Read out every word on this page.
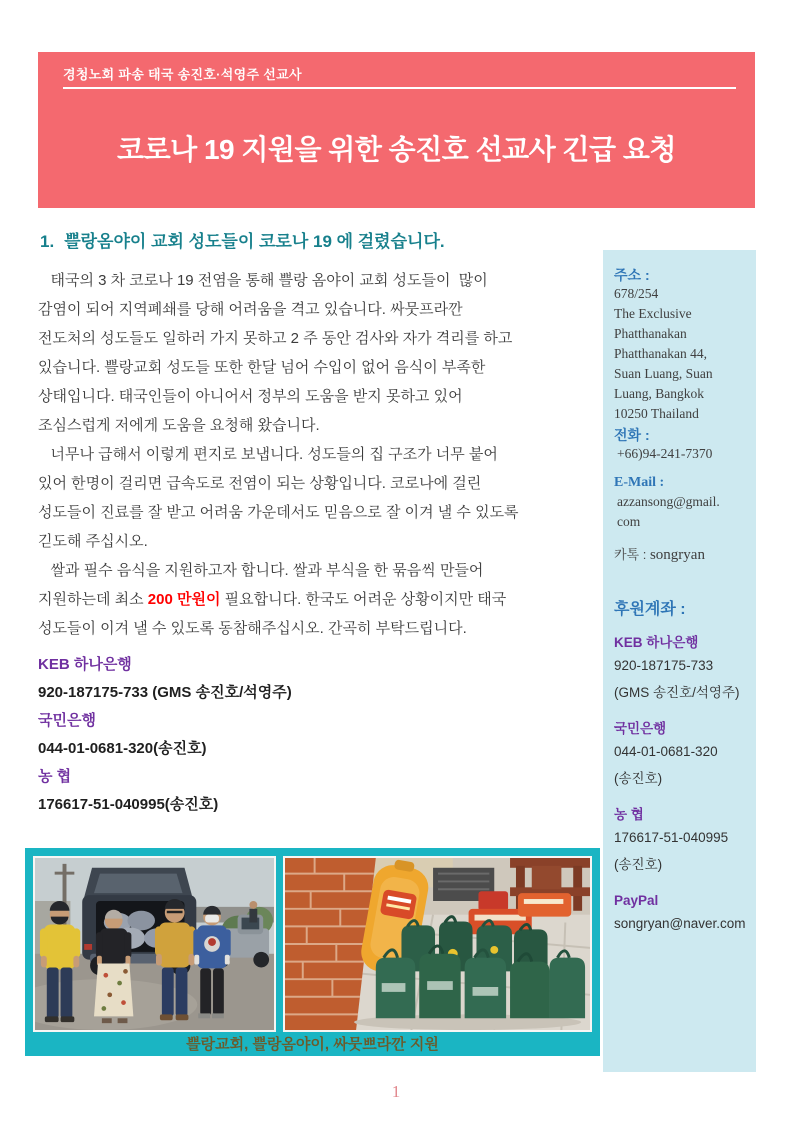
경청노회 파송 태국 송진호·석영주 선교사
코로나 19 지원을 위한 송진호 선교사 긴급 요청
1. 쁠랑옴야이 교회 성도들이 코로나 19 에 걸렸습니다.
태국의 3 차 코로나 19 전염을 통해 쁠랑 옴야이 교회 성도들이  많이
감염이 되어 지역폐쇄를 당해 어려움을 격고 있습니다. 싸뭇프라깐
전도처의 성도들도 일하러 가지 못하고 2 주 동안 검사와 자가 격리를 하고
있습니다. 쁠랑교회 성도들 또한 한달 넘어 수입이 없어 음식이 부족한
상태입니다. 태국인들이 아니어서 정부의 도움을 받지 못하고 있어
조심스럽게 저에게 도움을 요청해 왔습니다.
너무나 급해서 이렇게 편지로 보냅니다. 성도들의 집 구조가 너무 붙어
있어 한명이 걸리면 급속도로 전염이 되는 상황입니다. 코로나에 걸린
성도들이 진료를 잘 받고 어려움 가운데서도 믿음으로 잘 이겨 낼 수 있도록
긷도해 주십시오.
쌀과 필수 음식을 지원하고자 합니다. 쌀과 부식을 한 묶음씩 만들어
지원하는데 최소 200 만원이 필요합니다. 한국도 어려운 상황이지만 태국
성도들이 이겨 낼 수 있도록 동참해주십시오. 간곡히 부탁드립니다.
KEB 하나은행
920-187175-733 (GMS 송진호/석영주)
국민은행
044-01-0681-320(송진호)
농 협
176617-51-040995(송진호)
쁠랑교회, 쁠랑옴야이, 싸뭇쁘라깐 지원
주소 :
678/254
The Exclusive
Phatthanakan
Phatthanakan 44,
Suan Luang, Suan
Luang, Bangkok
10250 Thailand
전화 :
+66)94-241-7370
E-Mail :
azzansong@gmail.
com
카톡 : songryan
후원계좌 :
KEB 하나은행
920-187175-733
(GMS 송진호/석영주)
국민은행
044-01-0681-320
(송진호)
농 협
176617-51-040995
(송진호)
PayPal
songryan@naver.com
1
